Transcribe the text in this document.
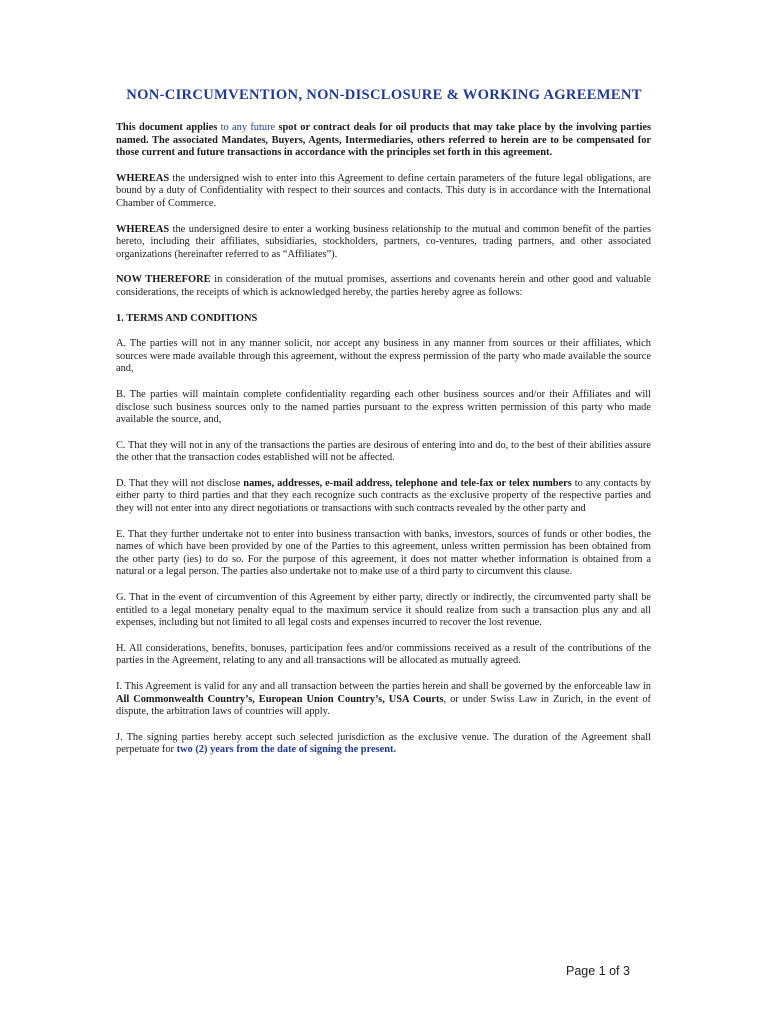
NON-CIRCUMVENTION, NON-DISCLOSURE & WORKING AGREEMENT

This document applies to any future spot or contract deals for oil products that may take place by the involving parties named. The associated Mandates, Buyers, Agents, Intermediaries, others referred to herein are to be compensated for those current and future transactions in accordance with the principles set forth in this agreement.

WHEREAS the undersigned wish to enter into this Agreement to define certain parameters of the future legal obligations, are bound by a duty of Confidentiality with respect to their sources and contacts. This duty is in accordance with the International Chamber of Commerce.

WHEREAS the undersigned desire to enter a working business relationship to the mutual and common benefit of the parties hereto, including their affiliates, subsidiaries, stockholders, partners, co-ventures, trading partners, and other associated organizations (hereinafter referred to as “Affiliates”).

NOW THEREFORE in consideration of the mutual promises, assertions and covenants herein and other good and valuable considerations, the receipts of which is acknowledged hereby, the parties hereby agree as follows:

1. TERMS AND CONDITIONS

A. The parties will not in any manner solicit, nor accept any business in any manner from sources or their affiliates, which sources were made available through this agreement, without the express permission of the party who made available the source and,

B. The parties will maintain complete confidentiality regarding each other business sources and/or their Affiliates and will disclose such business sources only to the named parties pursuant to the express written permission of this party who made available the source, and,

C. That they will not in any of the transactions the parties are desirous of entering into and do, to the best of their abilities assure the other that the transaction codes established will not be affected.

D. That they will not disclose names, addresses, e-mail address, telephone and tele-fax or telex numbers to any contacts by either party to third parties and that they each recognize such contracts as the exclusive property of the respective parties and they will not enter into any direct negotiations or transactions with such contracts revealed by the other party and

E. That they further undertake not to enter into business transaction with banks, investors, sources of funds or other bodies, the names of which have been provided by one of the Parties to this agreement, unless written permission has been obtained from the other party (ies) to do so. For the purpose of this agreement, it does not matter whether information is obtained from a natural or a legal person. The parties also undertake not to make use of a third party to circumvent this clause.

G. That in the event of circumvention of this Agreement by either party, directly or indirectly, the circumvented party shall be entitled to a legal monetary penalty equal to the maximum service it should realize from such a transaction plus any and all expenses, including but not limited to all legal costs and expenses incurred to recover the lost revenue.

H. All considerations, benefits, bonuses, participation fees and/or commissions received as a result of the contributions of the parties in the Agreement, relating to any and all transactions will be allocated as mutually agreed.

I. This Agreement is valid for any and all transaction between the parties herein and shall be governed by the enforceable law in All Commonwealth Country’s, European Union Country’s, USA Courts, or under Swiss Law in Zurich, in the event of dispute, the arbitration laws of countries will apply.

J. The signing parties hereby accept such selected jurisdiction as the exclusive venue. The duration of the Agreement shall perpetuate for two (2) years from the date of signing the present.

Page 1 of 3
